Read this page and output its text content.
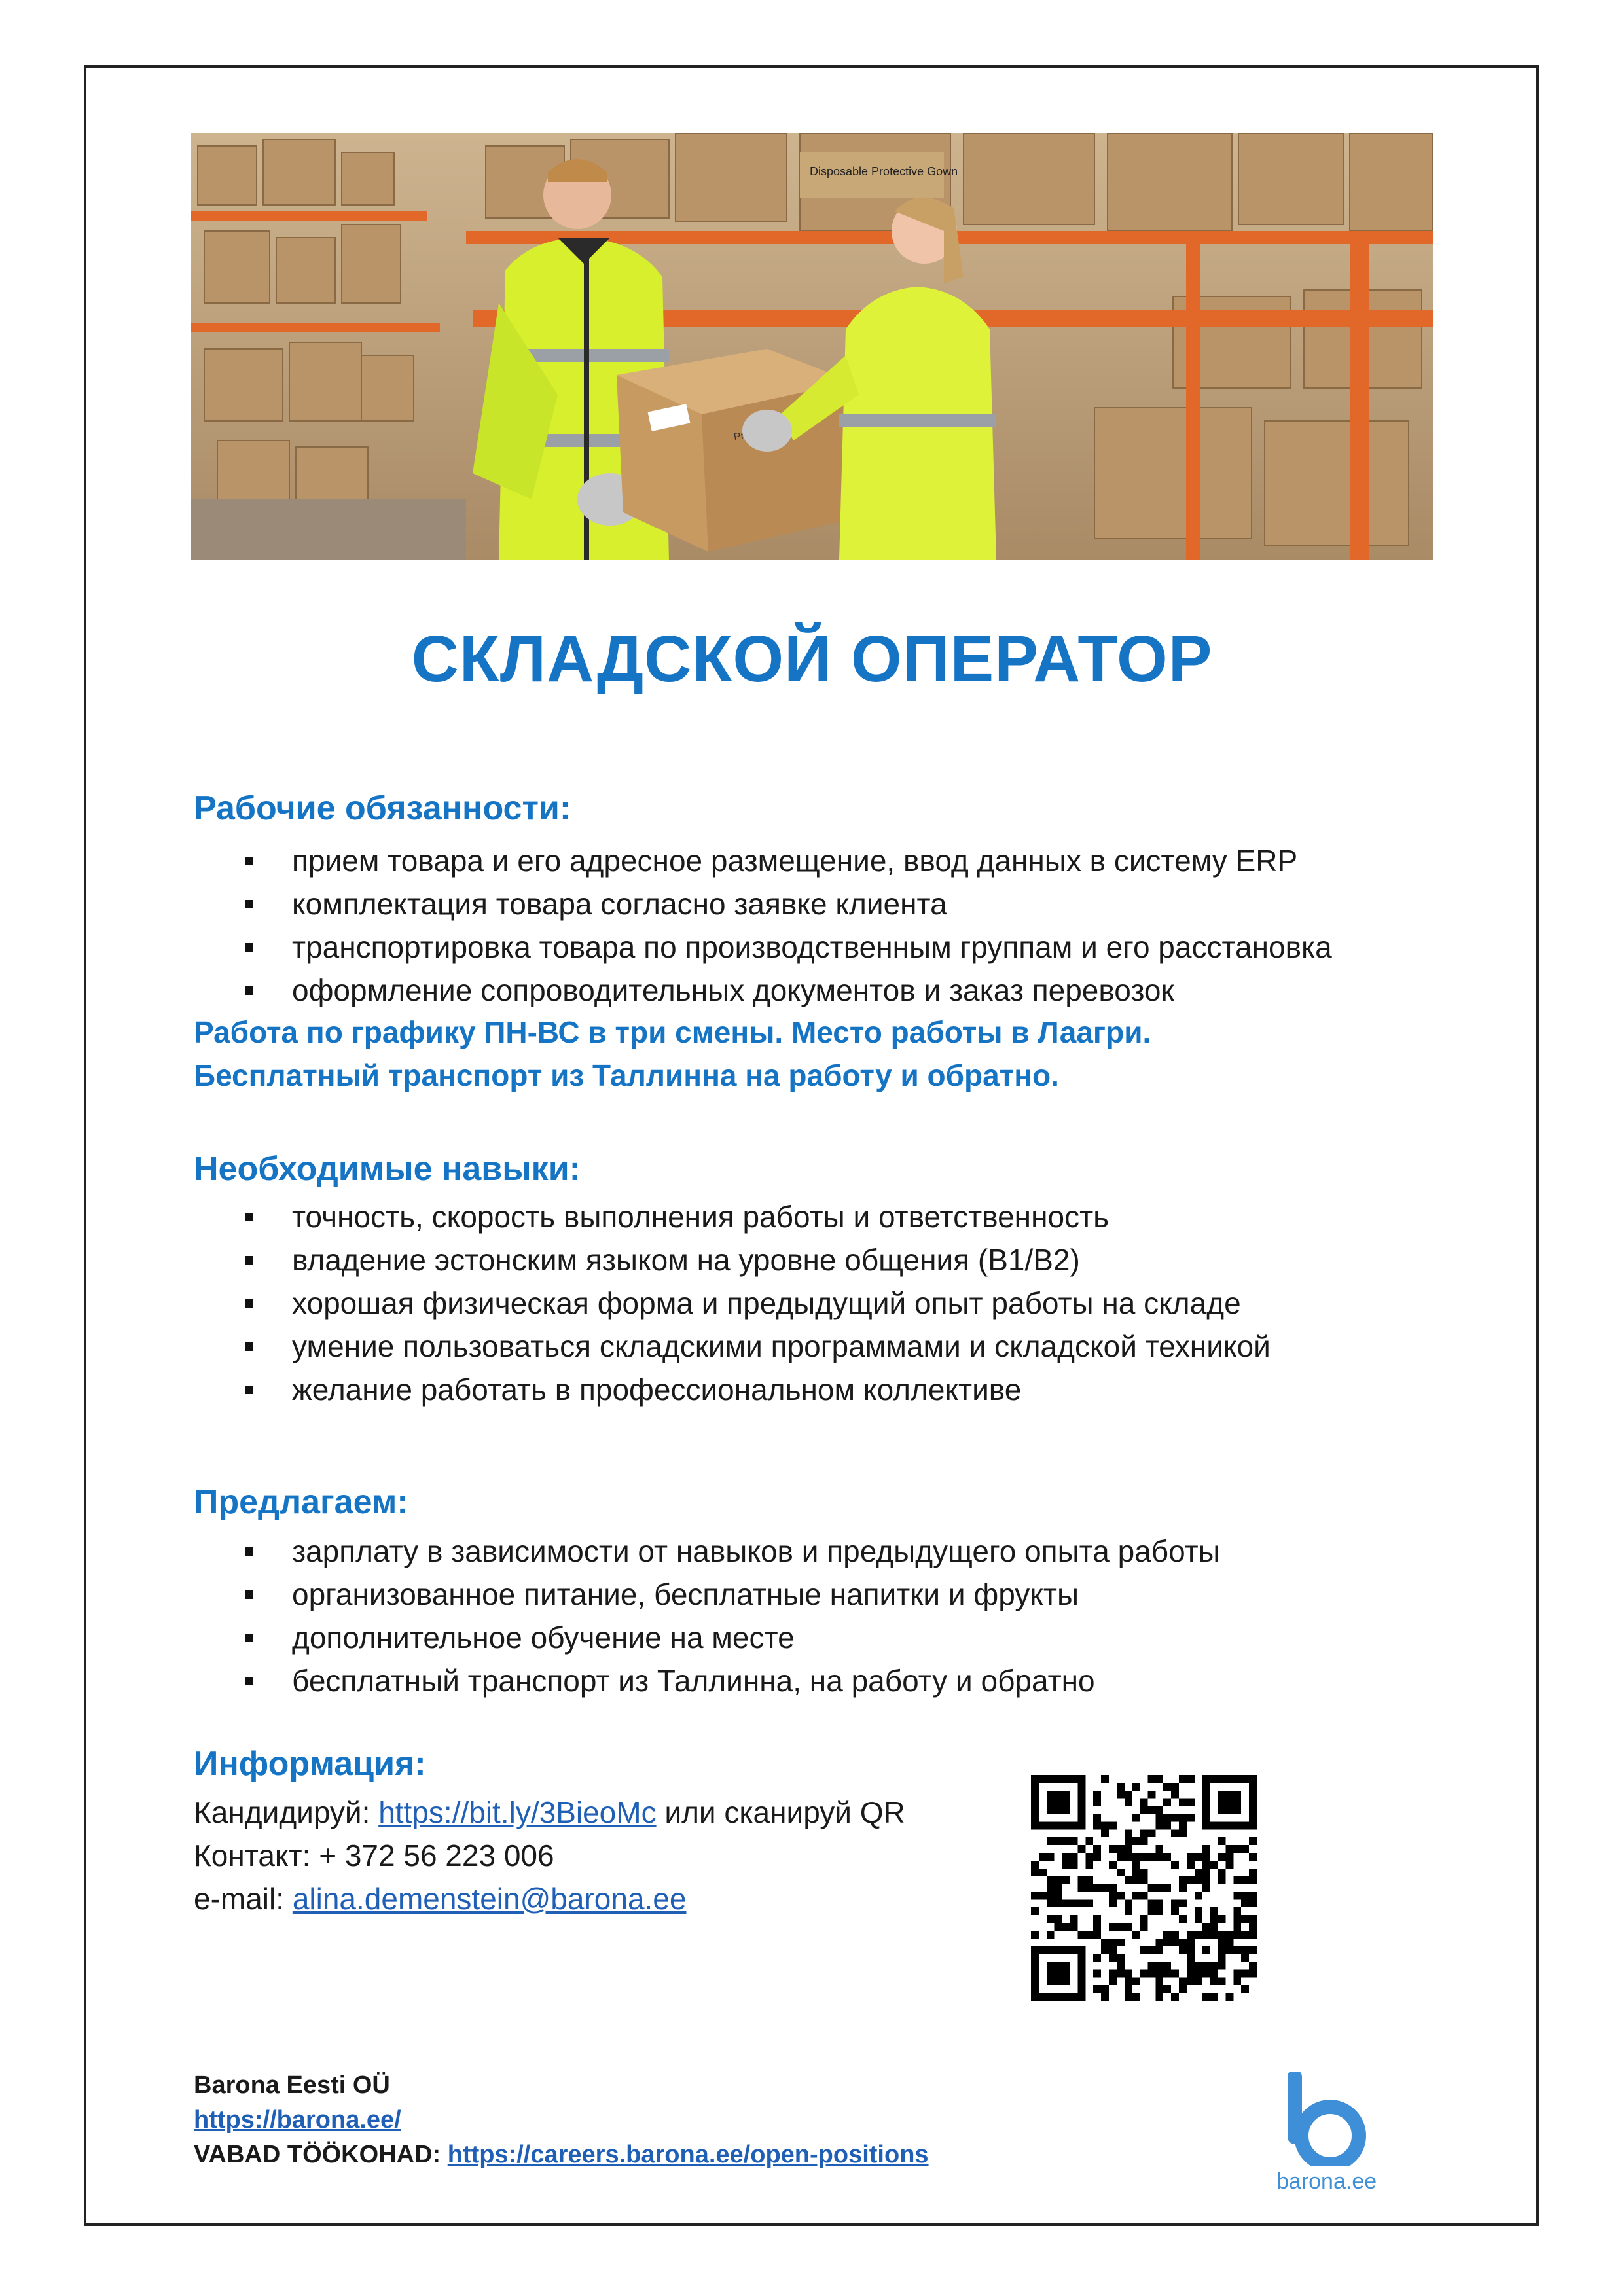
Disposable Protective Gown
СКЛАДСКОЙ ОПЕРАТОР
Рабочие обязанности:
прием товара и его адресное размещение, ввод данных в систему ERP
комплектация товара согласно заявке клиента
транспортировка товара по производственным группам и его расстановка
оформление сопроводительных документов и заказ перевозок
Работа по графику ПН-ВС в три смены. Место работы в Лаагри.
Бесплатный транспорт из Таллинна на работу и обратно.
Необходимые навыки:
точность, скорость выполнения работы и ответственность
владение эстонским языком на уровне общения (B1/B2)
хорошая физическая форма и предыдущий опыт работы на складе
умение пользоваться складскими программами и складской техникой
желание работать в профессиональном коллективе
Предлагаем:
зарплату в зависимости от навыков и предыдущего опыта работы
организованное питание, бесплатные напитки и фрукты
дополнительное обучение на месте
бесплатный транспорт из Таллинна, на работу и обратно
Информация:
Кандидируй: https://bit.ly/3BieoMc или сканируй QR
Контакт: + 372 56 223 006
e-mail: alina.demenstein@barona.ee
Barona Eesti OÜ
https://barona.ee/
VABAD TÖÖKOHAD: https://careers.barona.ee/open-positions
barona.ee
